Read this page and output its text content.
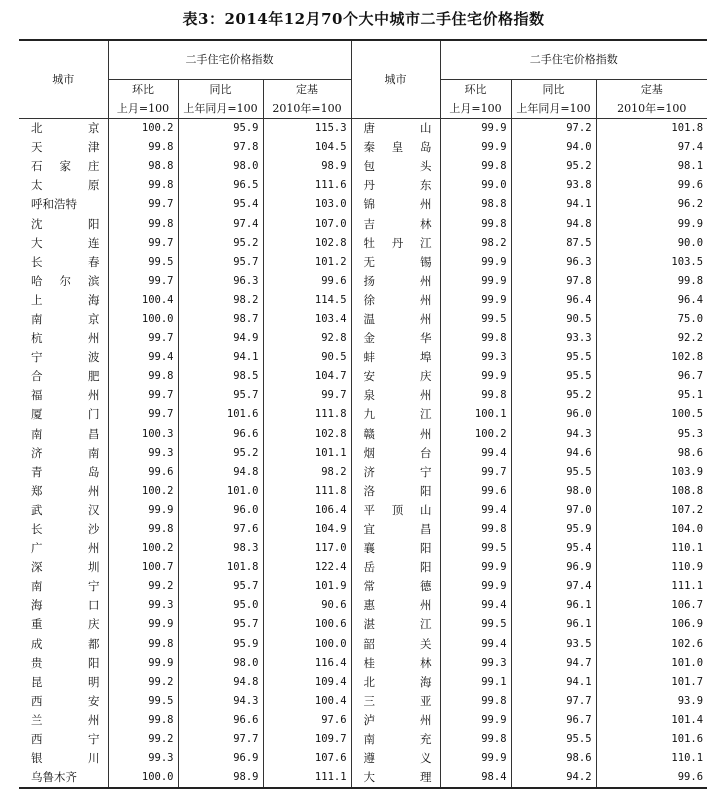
表3：2014年12月70个大中城市二手住宅价格指数
城市	二手住宅价格指数			城市	二手住宅价格指数		
	环比	同比	定基		环比	同比	定基
	上月=100	上年同月=100	2010年=100		上月=100	上年同月=100	2010年=100
北京	100.2	95.9	115.3	唐山	99.9	97.2	101.8
天津	99.8	97.8	104.5	秦皇岛	99.9	94.0	97.4
石家庄	98.8	98.0	98.9	包头	99.8	95.2	98.1
太原	99.8	96.5	111.6	丹东	99.0	93.8	99.6
呼和浩特	99.7	95.4	103.0	锦州	98.8	94.1	96.2
沈阳	99.8	97.4	107.0	吉林	99.8	94.8	99.9
大连	99.7	95.2	102.8	牡丹江	98.2	87.5	90.0
长春	99.5	95.7	101.2	无锡	99.9	96.3	103.5
哈尔滨	99.7	96.3	99.6	扬州	99.9	97.8	99.8
上海	100.4	98.2	114.5	徐州	99.9	96.4	96.4
南京	100.0	98.7	103.4	温州	99.5	90.5	75.0
杭州	99.7	94.9	92.8	金华	99.8	93.3	92.2
宁波	99.4	94.1	90.5	蚌埠	99.3	95.5	102.8
合肥	99.8	98.5	104.7	安庆	99.9	95.5	96.7
福州	99.7	95.7	99.7	泉州	99.8	95.2	95.1
厦门	99.7	101.6	111.8	九江	100.1	96.0	100.5
南昌	100.3	96.6	102.8	赣州	100.2	94.3	95.3
济南	99.3	95.2	101.1	烟台	99.4	94.6	98.6
青岛	99.6	94.8	98.2	济宁	99.7	95.5	103.9
郑州	100.2	101.0	111.8	洛阳	99.6	98.0	108.8
武汉	99.9	96.0	106.4	平顶山	99.4	97.0	107.2
长沙	99.8	97.6	104.9	宜昌	99.8	95.9	104.0
广州	100.2	98.3	117.0	襄阳	99.5	95.4	110.1
深圳	100.7	101.8	122.4	岳阳	99.9	96.9	110.9
南宁	99.2	95.7	101.9	常德	99.9	97.4	111.1
海口	99.3	95.0	90.6	惠州	99.4	96.1	106.7
重庆	99.9	95.7	100.6	湛江	99.5	96.1	106.9
成都	99.8	95.9	100.0	韶关	99.4	93.5	102.6
贵阳	99.9	98.0	116.4	桂林	99.3	94.7	101.0
昆明	99.2	94.8	109.4	北海	99.1	94.1	101.7
西安	99.5	94.3	100.4	三亚	99.8	97.7	93.9
兰州	99.8	96.6	97.6	泸州	99.9	96.7	101.4
西宁	99.2	97.7	109.7	南充	99.8	95.5	101.6
银川	99.3	96.9	107.6	遵义	99.9	98.6	110.1
乌鲁木齐	100.0	98.9	111.1	大理	98.4	94.2	99.6
